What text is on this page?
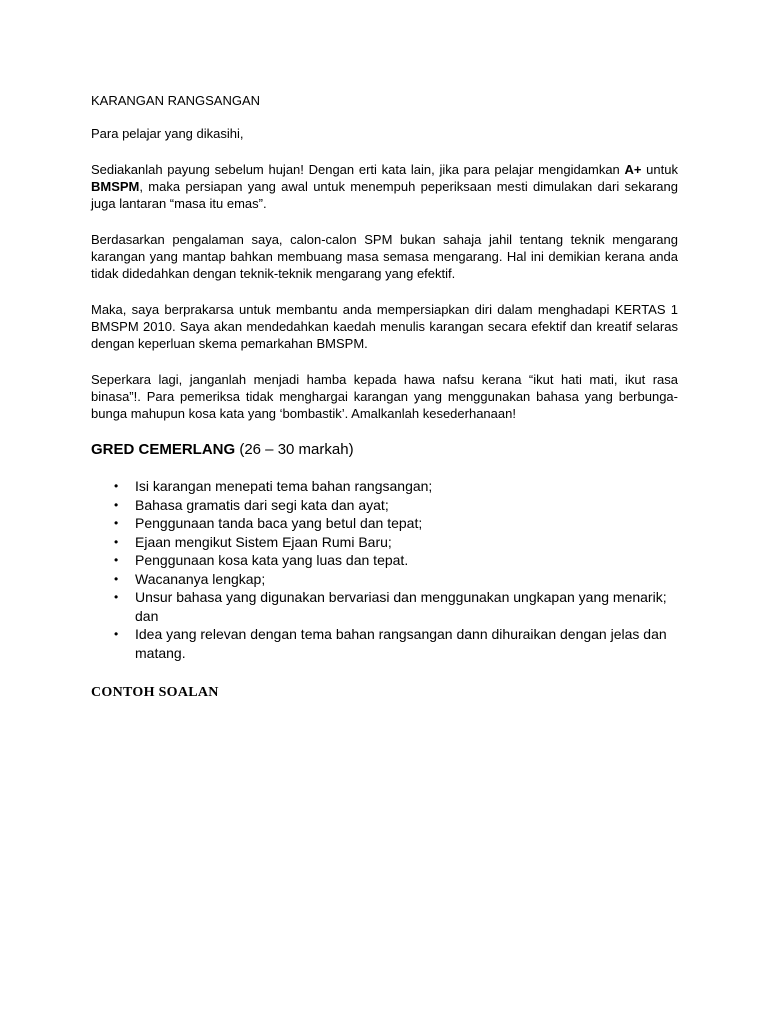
KARANGAN RANGSANGAN

Para pelajar yang dikasihi,

Sediakanlah payung sebelum hujan! Dengan erti kata lain, jika para pelajar mengidamkan A+ untuk BMSPM, maka persiapan yang awal untuk menempuh peperiksaan mesti dimulakan dari sekarang juga lantaran “masa itu emas”.

Berdasarkan pengalaman saya, calon-calon SPM bukan sahaja jahil tentang teknik mengarang karangan yang mantap bahkan membuang masa semasa mengarang. Hal ini demikian kerana anda tidak didedahkan dengan teknik-teknik mengarang yang efektif.

Maka, saya berprakarsa untuk membantu anda mempersiapkan diri dalam menghadapi KERTAS 1 BMSPM 2010. Saya akan mendedahkan kaedah menulis karangan secara efektif dan kreatif selaras dengan keperluan skema pemarkahan BMSPM.

Seperkara lagi, janganlah menjadi hamba kepada hawa nafsu kerana “ikut hati mati, ikut rasa binasa”!. Para pemeriksa tidak menghargai karangan yang menggunakan bahasa yang berbunga-bunga mahupun kosa kata yang ‘bombastik’. Amalkanlah kesederhanaan!

GRED CEMERLANG (26 – 30 markah)

• Isi karangan menepati tema bahan rangsangan;
• Bahasa gramatis dari segi kata dan ayat;
• Penggunaan tanda baca yang betul dan tepat;
• Ejaan mengikut Sistem Ejaan Rumi Baru;
• Penggunaan kosa kata yang luas dan tepat.
• Wacananya lengkap;
• Unsur bahasa yang digunakan bervariasi dan menggunakan ungkapan yang menarik; dan
• Idea yang relevan dengan tema bahan rangsangan dann dihuraikan dengan jelas dan matang.

CONTOH SOALAN
